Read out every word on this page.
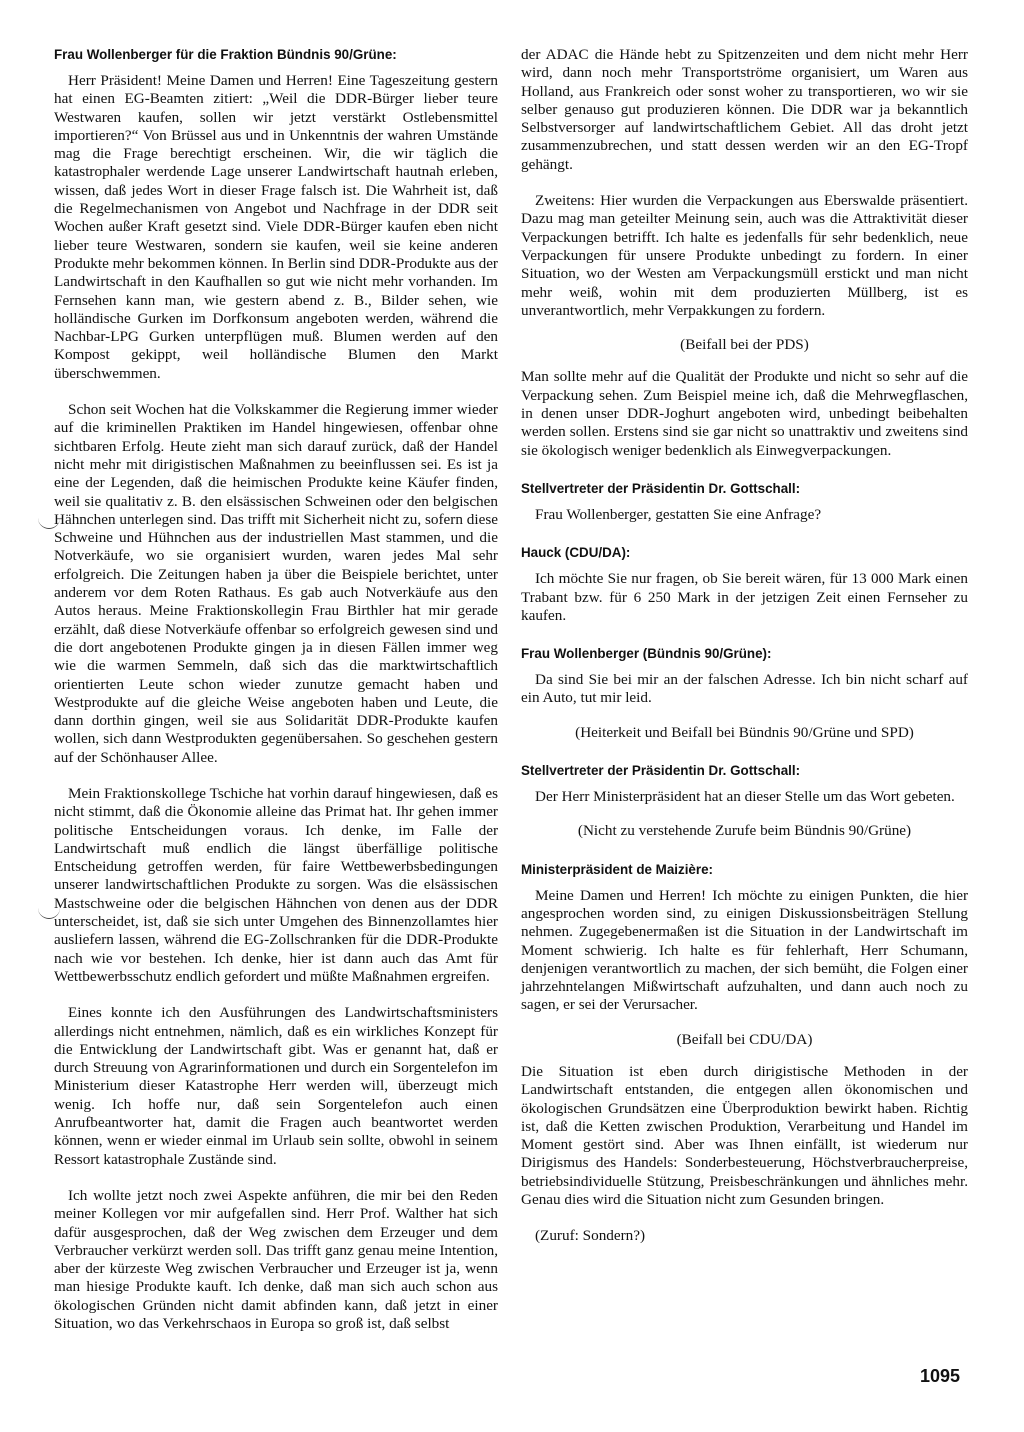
Frau Wollenberger für die Fraktion Bündnis 90/Grüne:

Herr Präsident! Meine Damen und Herren! Eine Tageszeitung gestern hat einen EG-Beamten zitiert: „Weil die DDR-Bürger lieber teure Westwaren kaufen, sollen wir jetzt verstärkt Ostlebensmittel importieren?“ Von Brüssel aus und in Unkenntnis der wahren Umstände mag die Frage berechtigt erscheinen. Wir, die wir täglich die katastrophaler werdende Lage unserer Landwirtschaft hautnah erleben, wissen, daß jedes Wort in dieser Frage falsch ist. Die Wahrheit ist, daß die Regelmechanismen von Angebot und Nachfrage in der DDR seit Wochen außer Kraft gesetzt sind. Viele DDR-Bürger kaufen eben nicht lieber teure Westwaren, sondern sie kaufen, weil sie keine anderen Produkte mehr bekommen können. In Berlin sind DDR-Produkte aus der Landwirtschaft in den Kaufhallen so gut wie nicht mehr vorhanden. Im Fernsehen kann man, wie gestern abend z. B., Bilder sehen, wie holländische Gurken im Dorfkonsum angeboten werden, während die Nachbar-LPG Gurken unterpflügen muß. Blumen werden auf den Kompost gekippt, weil holländische Blumen den Markt überschwemmen.

Schon seit Wochen hat die Volkskammer die Regierung immer wieder auf die kriminellen Praktiken im Handel hingewiesen, offenbar ohne sichtbaren Erfolg. Heute zieht man sich darauf zurück, daß der Handel nicht mehr mit dirigistischen Maßnahmen zu beeinflussen sei. Es ist ja eine der Legenden, daß die heimischen Produkte keine Käufer finden, weil sie qualitativ z. B. den elsässischen Schweinen oder den belgischen Hähnchen unterlegen sind. Das trifft mit Sicherheit nicht zu, sofern diese Schweine und Hühnchen aus der industriellen Mast stammen, und die Notverkäufe, wo sie organisiert wurden, waren jedes Mal sehr erfolgreich. Die Zeitungen haben ja über die Beispiele berichtet, unter anderem vor dem Roten Rathaus. Es gab auch Notverkäufe aus den Autos heraus. Meine Fraktionskollegin Frau Birthler hat mir gerade erzählt, daß diese Notverkäufe offenbar so erfolgreich gewesen sind und die dort angebotenen Produkte gingen ja in diesen Fällen immer weg wie die warmen Semmeln, daß sich das die marktwirtschaftlich orientierten Leute schon wieder zunutze gemacht haben und Westprodukte auf die gleiche Weise angeboten haben und Leute, die dann dorthin gingen, weil sie aus Solidarität DDR-Produkte kaufen wollen, sich dann Westprodukten gegenübersahen. So geschehen gestern auf der Schönhauser Allee.

Mein Fraktionskollege Tschiche hat vorhin darauf hingewiesen, daß es nicht stimmt, daß die Ökonomie alleine das Primat hat. Ihr gehen immer politische Entscheidungen voraus. Ich denke, im Falle der Landwirtschaft muß endlich die längst überfällige politische Entscheidung getroffen werden, für faire Wettbewerbsbedingungen unserer landwirtschaftlichen Produkte zu sorgen. Was die elsässischen Mastschweine oder die belgischen Hähnchen von denen aus der DDR unterscheidet, ist, daß sie sich unter Umgehen des Binnenzollamtes hier ausliefern lassen, während die EG-Zollschranken für die DDR-Produkte nach wie vor bestehen. Ich denke, hier ist dann auch das Amt für Wettbewerbsschutz endlich gefordert und müßte Maßnahmen ergreifen.

Eines konnte ich den Ausführungen des Landwirtschaftsministers allerdings nicht entnehmen, nämlich, daß es ein wirkliches Konzept für die Entwicklung der Landwirtschaft gibt. Was er genannt hat, daß er durch Streuung von Agrarinformationen und durch ein Sorgentelefon im Ministerium dieser Katastrophe Herr werden will, überzeugt mich wenig. Ich hoffe nur, daß sein Sorgentelefon auch einen Anrufbeantworter hat, damit die Fragen auch beantwortet werden können, wenn er wieder einmal im Urlaub sein sollte, obwohl in seinem Ressort katastrophale Zustände sind.

Ich wollte jetzt noch zwei Aspekte anführen, die mir bei den Reden meiner Kollegen vor mir aufgefallen sind. Herr Prof. Walther hat sich dafür ausgesprochen, daß der Weg zwischen dem Erzeuger und dem Verbraucher verkürzt werden soll. Das trifft ganz genau meine Intention, aber der kürzeste Weg zwischen Verbraucher und Erzeuger ist ja, wenn man hiesige Produkte kauft. Ich denke, daß man sich auch schon aus ökologischen Gründen nicht damit abfinden kann, daß jetzt in einer Situation, wo das Verkehrschaos in Europa so groß ist, daß selbst

der ADAC die Hände hebt zu Spitzenzeiten und dem nicht mehr Herr wird, dann noch mehr Transportströme organisiert, um Waren aus Holland, aus Frankreich oder sonst woher zu transportieren, wo wir sie selber genauso gut produzieren können. Die DDR war ja bekanntlich Selbstversorger auf landwirtschaftlichem Gebiet. All das droht jetzt zusammenzubrechen, und statt dessen werden wir an den EG-Tropf gehängt.

Zweitens: Hier wurden die Verpackungen aus Eberswalde präsentiert. Dazu mag man geteilter Meinung sein, auch was die Attraktivität dieser Verpackungen betrifft. Ich halte es jedenfalls für sehr bedenklich, neue Verpackungen für unsere Produkte unbedingt zu fordern. In einer Situation, wo der Westen am Verpackungsmüll erstickt und man nicht mehr weiß, wohin mit dem produzierten Müllberg, ist es unverantwortlich, mehr Verpakkungen zu fordern.

(Beifall bei der PDS)

Man sollte mehr auf die Qualität der Produkte und nicht so sehr auf die Verpackung sehen. Zum Beispiel meine ich, daß die Mehrwegflaschen, in denen unser DDR-Joghurt angeboten wird, unbedingt beibehalten werden sollen. Erstens sind sie gar nicht so unattraktiv und zweitens sind sie ökologisch weniger bedenklich als Einwegverpackungen.

Stellvertreter der Präsidentin Dr. Gottschall:

Frau Wollenberger, gestatten Sie eine Anfrage?

Hauck (CDU/DA):

Ich möchte Sie nur fragen, ob Sie bereit wären, für 13 000 Mark einen Trabant bzw. für 6 250 Mark in der jetzigen Zeit einen Fernseher zu kaufen.

Frau Wollenberger (Bündnis 90/Grüne):

Da sind Sie bei mir an der falschen Adresse. Ich bin nicht scharf auf ein Auto, tut mir leid.

(Heiterkeit und Beifall bei Bündnis 90/Grüne und SPD)

Stellvertreter der Präsidentin Dr. Gottschall:

Der Herr Ministerpräsident hat an dieser Stelle um das Wort gebeten.

(Nicht zu verstehende Zurufe beim Bündnis 90/Grüne)

Ministerpräsident de Maizière:

Meine Damen und Herren! Ich möchte zu einigen Punkten, die hier angesprochen worden sind, zu einigen Diskussionsbeiträgen Stellung nehmen. Zugegebenermaßen ist die Situation in der Landwirtschaft im Moment schwierig. Ich halte es für fehlerhaft, Herr Schumann, denjenigen verantwortlich zu machen, der sich bemüht, die Folgen einer jahrzehntelangen Mißwirtschaft aufzuhalten, und dann auch noch zu sagen, er sei der Verursacher.

(Beifall bei CDU/DA)

Die Situation ist eben durch dirigistische Methoden in der Landwirtschaft entstanden, die entgegen allen ökonomischen und ökologischen Grundsätzen eine Überproduktion bewirkt haben. Richtig ist, daß die Ketten zwischen Produktion, Verarbeitung und Handel im Moment gestört sind. Aber was Ihnen einfällt, ist wiederum nur Dirigismus des Handels: Sonderbesteuerung, Höchstverbraucherpreise, betriebsindividuelle Stützung, Preisbeschränkungen und ähnliches mehr. Genau dies wird die Situation nicht zum Gesunden bringen.

(Zuruf: Sondern?)

1095
